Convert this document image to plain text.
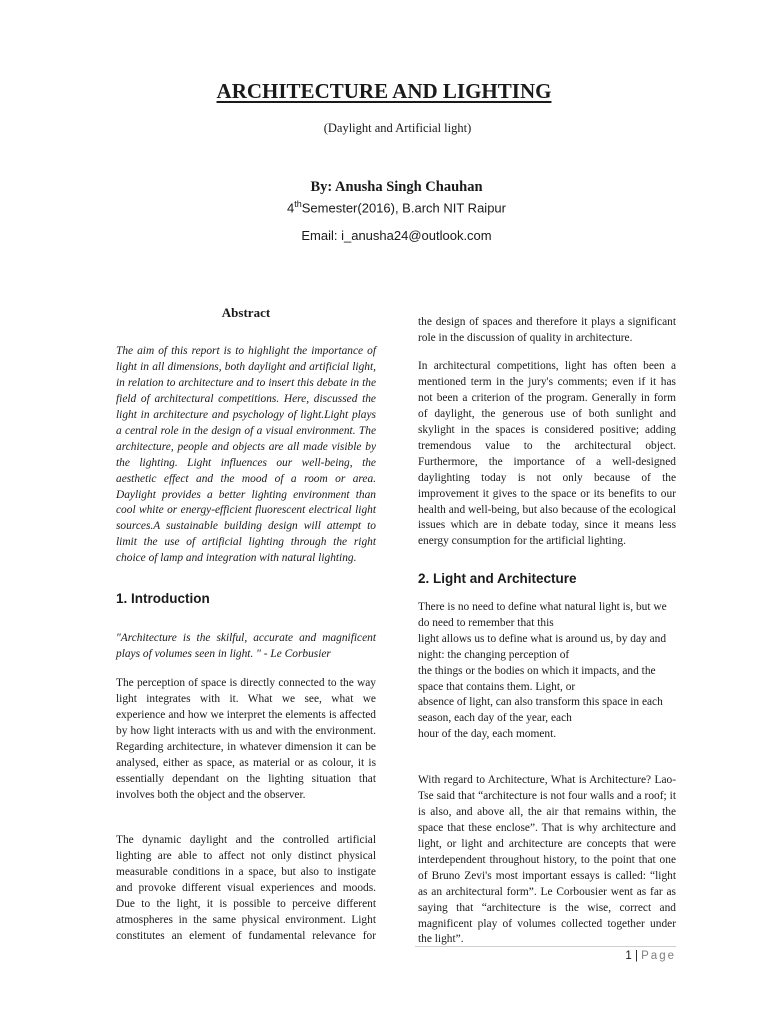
ARCHITECTURE AND LIGHTING
(Daylight and Artificial light)
By: Anusha Singh Chauhan
4thSemester(2016), B.arch NIT Raipur
Email: i_anusha24@outlook.com
Abstract

The aim of this report is to highlight the importance of light in all dimensions, both daylight and artificial light, in relation to architecture and to insert this debate in the field of architectural competitions. Here, discussed the light in architecture and psychology of light.Light plays a central role in the design of a visual environment. The architecture, people and objects are all made visible by the lighting. Light influences our well-being, the aesthetic effect and the mood of a room or area. Daylight provides a better lighting environment than cool white or energy-efficient fluorescent electrical light sources.A sustainable building design will attempt to limit the use of artificial lighting through the right choice of lamp and integration with natural lighting.

1. Introduction

"Architecture is the skilful, accurate and magnificent plays of volumes seen in light. " - Le Corbusier

The perception of space is directly connected to the way light integrates with it. What we see, what we experience and how we interpret the elements is affected by how light interacts with us and with the environment. Regarding architecture, in whatever dimension it can be analysed, either as space, as material or as colour, it is essentially dependant on the lighting situation that involves both the object and the observer.

The dynamic daylight and the controlled artificial lighting are able to affect not only distinct physical measurable conditions in a space, but also to instigate and provoke different visual experiences and moods. Due to the light, it is possible to perceive different atmospheres in the same physical environment. Light constitutes an element of fundamental relevance for

the design of spaces and therefore it plays a significant role in the discussion of quality in architecture.

In architectural competitions, light has often been a mentioned term in the jury's comments; even if it has not been a criterion of the program. Generally in form of daylight, the generous use of both sunlight and skylight in the spaces is considered positive; adding tremendous value to the architectural object. Furthermore, the importance of a well-designed daylighting today is not only because of the improvement it gives to the space or its benefits to our health and well-being, but also because of the ecological issues which are in debate today, since it means less energy consumption for the artificial lighting.

2. Light and Architecture
There is no need to define what natural light is, but we
do need to remember that this
light allows us to define what is around us, by day and
night: the changing perception of
the things or the bodies on which it impacts, and the
space that contains them. Light, or
absence of light, can also transform this space in each
season, each day of the year, each
hour of the day, each moment.

With regard to Architecture, What is Architecture? Lao-Tse said that “architecture is not four walls and a roof; it is also, and above all, the air that remains within, the space that these enclose”. That is why architecture and light, or light and architecture are concepts that were interdependent throughout history, to the point that one of Bruno Zevi's most important essays is called: “light as an architectural form”. Le Corbousier went as far as saying that “architecture is the wise, correct and magnificent play of volumes collected together under the light”.

1 | Page
